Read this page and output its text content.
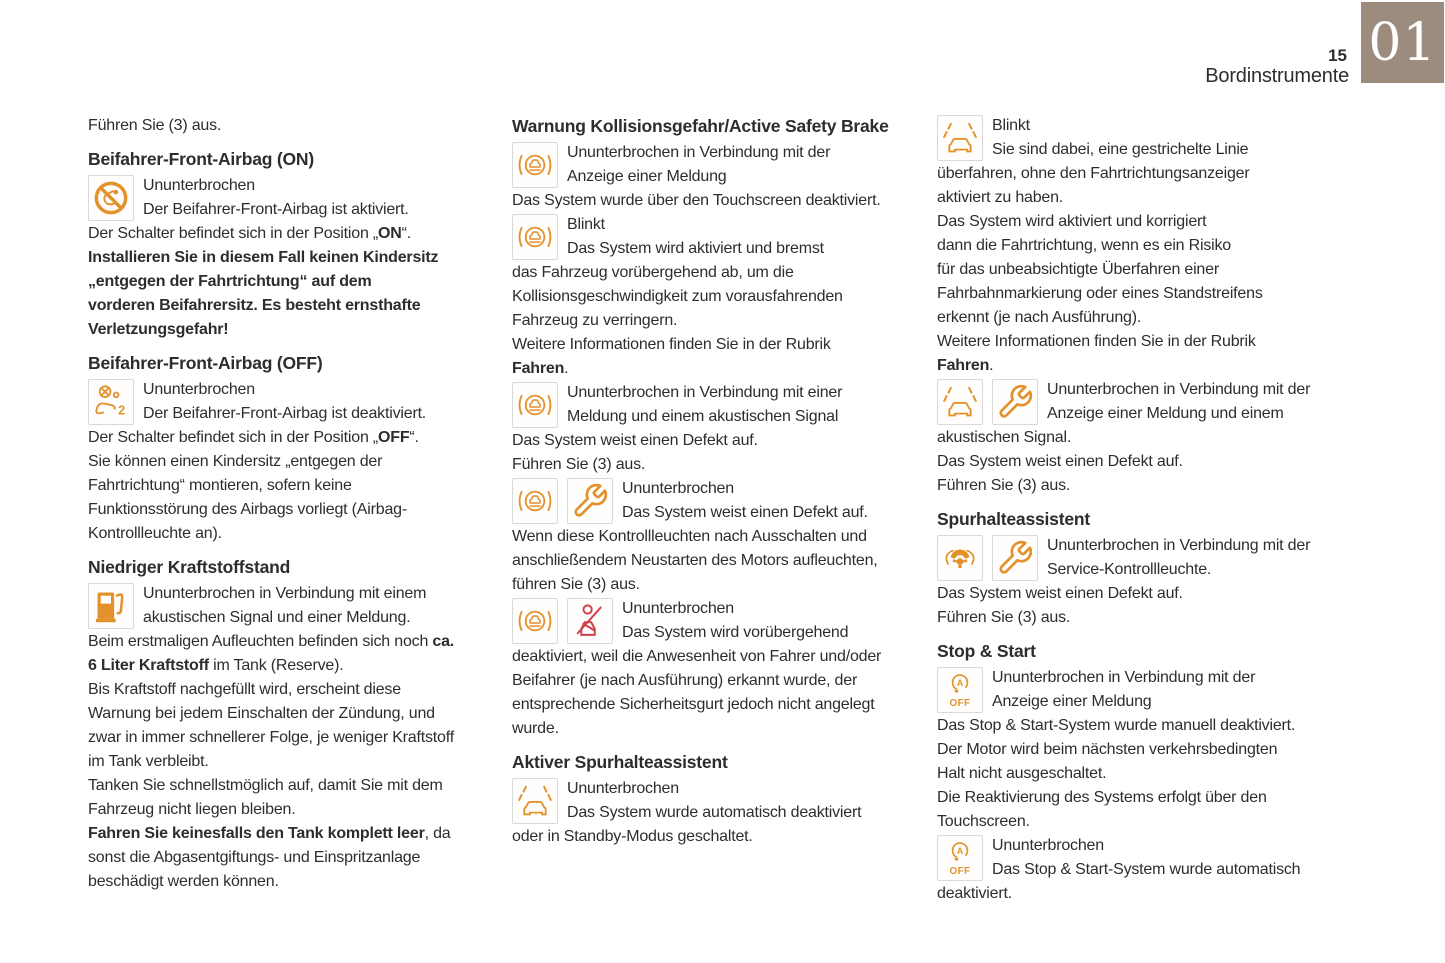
15
Bordinstrumente
01
Führen Sie (3) aus.
Beifahrer-Front-Airbag (ON)
Ununterbrochen
Der Beifahrer-Front-Airbag ist aktiviert.
Der Schalter befindet sich in der Position „ON“.
Installieren Sie in diesem Fall keinen Kindersitz
„entgegen der Fahrtrichtung“ auf dem
vorderen Beifahrersitz. Es besteht ernsthafte
Verletzungsgefahr!
Beifahrer-Front-Airbag (OFF)
2
Ununterbrochen
Der Beifahrer-Front-Airbag ist deaktiviert.
Der Schalter befindet sich in der Position „OFF“.
Sie können einen Kindersitz „entgegen der
Fahrtrichtung“ montieren, sofern keine
Funktionsstörung des Airbags vorliegt (Airbag-
Kontrollleuchte an).
Niedriger Kraftstoffstand
Ununterbrochen in Verbindung mit einem
akustischen Signal und einer Meldung.
Beim erstmaligen Aufleuchten befinden sich noch ca.
6 Liter Kraftstoff im Tank (Reserve).
Bis Kraftstoff nachgefüllt wird, erscheint diese
Warnung bei jedem Einschalten der Zündung, und
zwar in immer schnellerer Folge, je weniger Kraftstoff
im Tank verbleibt.
Tanken Sie schnellstmöglich auf, damit Sie mit dem
Fahrzeug nicht liegen bleiben.
Fahren Sie keinesfalls den Tank komplett leer, da
sonst die Abgasentgiftungs- und Einspritzanlage
beschädigt werden können.
Warnung Kollisionsgefahr/Active Safety Brake
Ununterbrochen in Verbindung mit der
Anzeige einer Meldung
Das System wurde über den Touchscreen deaktiviert.
Blinkt
Das System wird aktiviert und bremst
das Fahrzeug vorübergehend ab, um die
Kollisionsgeschwindigkeit zum vorausfahrenden
Fahrzeug zu verringern.
Weitere Informationen finden Sie in der Rubrik
Fahren.
Ununterbrochen in Verbindung mit einer
Meldung und einem akustischen Signal
Das System weist einen Defekt auf.
Führen Sie (3) aus.
Ununterbrochen
Das System weist einen Defekt auf.
Wenn diese Kontrollleuchten nach Ausschalten und
anschließendem Neustarten des Motors aufleuchten,
führen Sie (3) aus.
Ununterbrochen
Das System wird vorübergehend
deaktiviert, weil die Anwesenheit von Fahrer und/oder
Beifahrer (je nach Ausführung) erkannt wurde, der
entsprechende Sicherheitsgurt jedoch nicht angelegt
wurde.
Aktiver Spurhalteassistent
Ununterbrochen
Das System wurde automatisch deaktiviert
oder in Standby-Modus geschaltet.
Blinkt
Sie sind dabei, eine gestrichelte Linie
überfahren, ohne den Fahrtrichtungsanzeiger
aktiviert zu haben.
Das System wird aktiviert und korrigiert
dann die Fahrtrichtung, wenn es ein Risiko
für das unbeabsichtigte Überfahren einer
Fahrbahnmarkierung oder eines Standstreifens
erkennt (je nach Ausführung).
Weitere Informationen finden Sie in der Rubrik
Fahren.
Ununterbrochen in Verbindung mit der
Anzeige einer Meldung und einem
akustischen Signal.
Das System weist einen Defekt auf.
Führen Sie (3) aus.
Spurhalteassistent
Ununterbrochen in Verbindung mit der
Service-Kontrollleuchte.
Das System weist einen Defekt auf.
Führen Sie (3) aus.
Stop & Start
A
OFF
Ununterbrochen in Verbindung mit der
Anzeige einer Meldung
Das Stop & Start-System wurde manuell deaktiviert.
Der Motor wird beim nächsten verkehrsbedingten
Halt nicht ausgeschaltet.
Die Reaktivierung des Systems erfolgt über den
Touchscreen.
A
OFF
Ununterbrochen
Das Stop & Start-System wurde automatisch
deaktiviert.
